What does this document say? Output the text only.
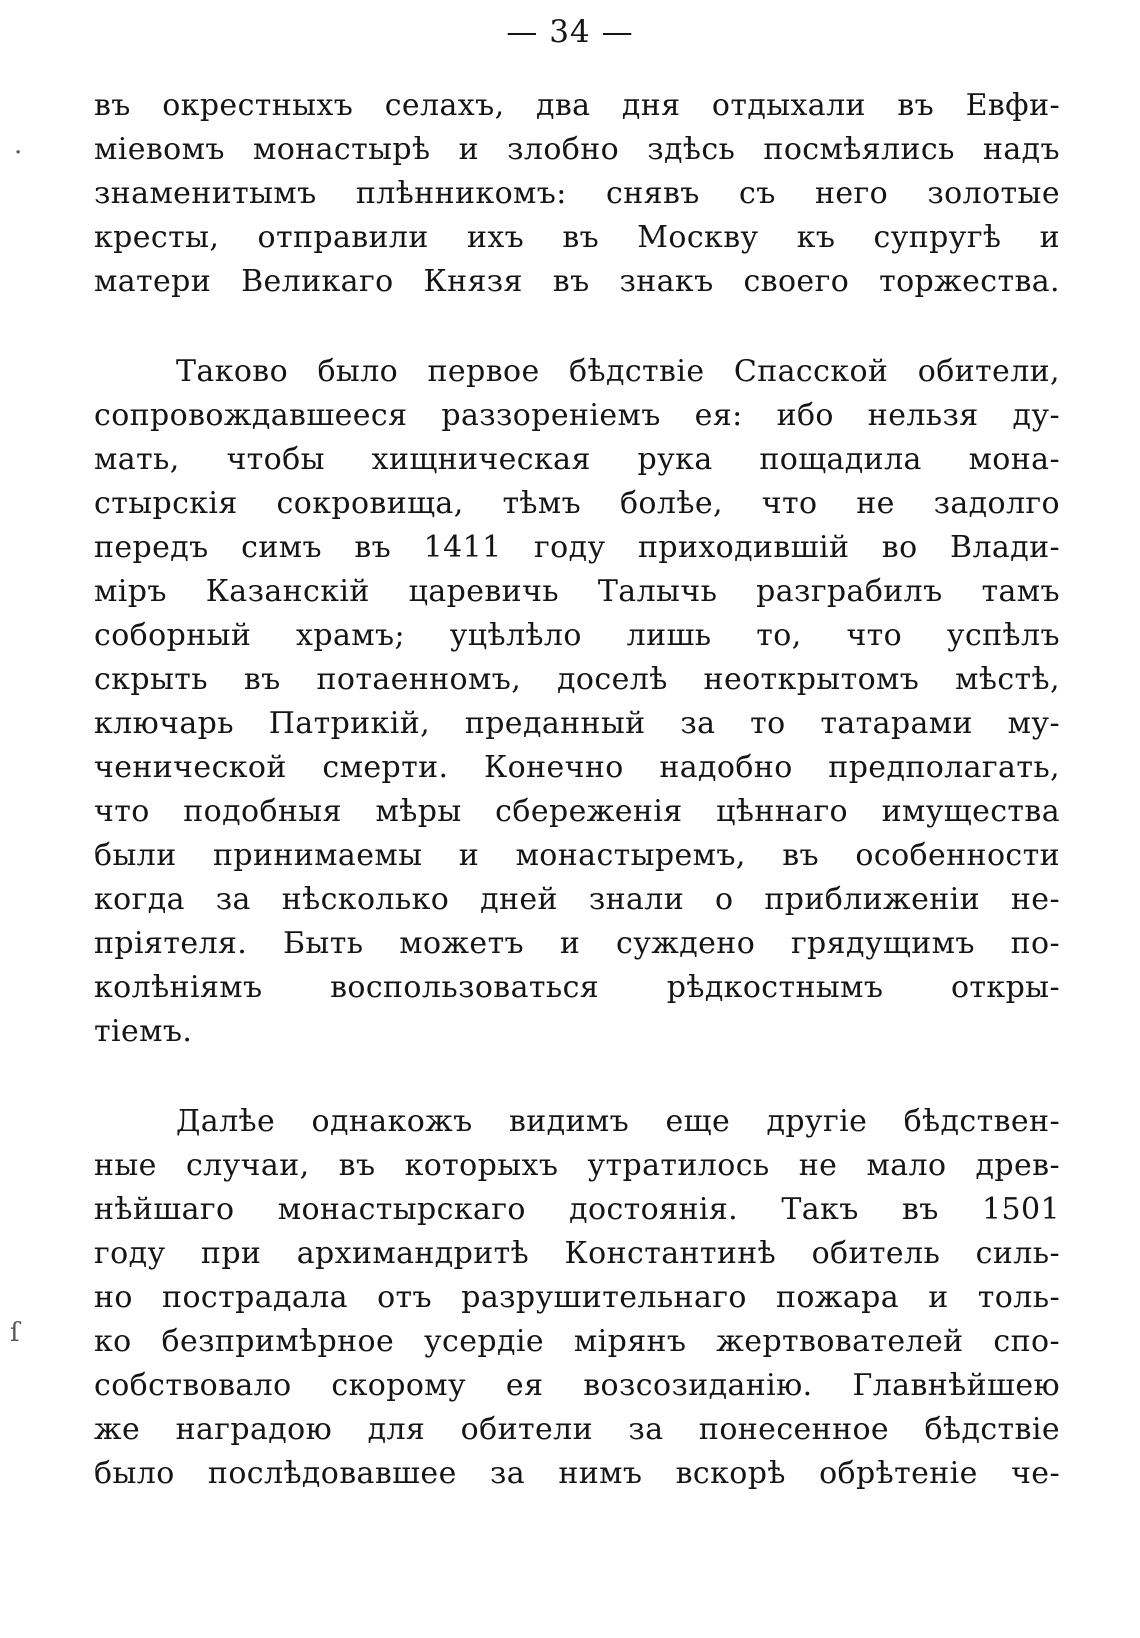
— 34 —
въ окрестныхъ селахъ, два дня отдыхали въ Евфи-
міевомъ монастырѣ и злобно здѣсь посмѣялись надъ
знаменитымъ плѣнникомъ: снявъ съ него золотые
кресты, отправили ихъ въ Москву къ супругѣ и
матери Великаго Князя въ знакъ своего торжества.
Таково было первое бѣдствіе Спасской обители,
сопровождавшееся раззореніемъ ея: ибо нельзя ду-
мать, чтобы хищническая рука пощадила мона-
стырскія сокровища, тѣмъ болѣе, что не задолго
передъ симъ въ 1411 году приходившій во Влади-
міръ Казанскій царевичь Талычь разграбилъ тамъ
соборный храмъ; уцѣлѣло лишь то, что успѣлъ
скрыть въ потаенномъ, доселѣ неоткрытомъ мѣстѣ,
ключарь Патрикій, преданный за то татарами му-
ченической смерти. Конечно надобно предполагать,
что подобныя мѣры сбереженія цѣннаго имущества
были принимаемы и монастыремъ, въ особенности
когда за нѣсколько дней знали о приближеніи не-
пріятеля. Быть можетъ и суждено грядущимъ по-
колѣніямъ воспользоваться рѣдкостнымъ откры-
тіемъ.
Далѣе однакожъ видимъ еще другіе бѣдствен-
ные случаи, въ которыхъ утратилось не мало древ-
нѣйшаго монастырскаго достоянія. Такъ въ 1501
году при архимандритѣ Константинѣ обитель силь-
но пострадала отъ разрушительнаго пожара и толь-
ко безпримѣрное усердіе мірянъ жертвователей спо-
собствовало скорому ея возсозиданію. Главнѣйшею
же наградою для обители за понесенное бѣдствіе
было послѣдовавшее за нимъ вскорѣ обрѣтеніе че-
·
ſ
